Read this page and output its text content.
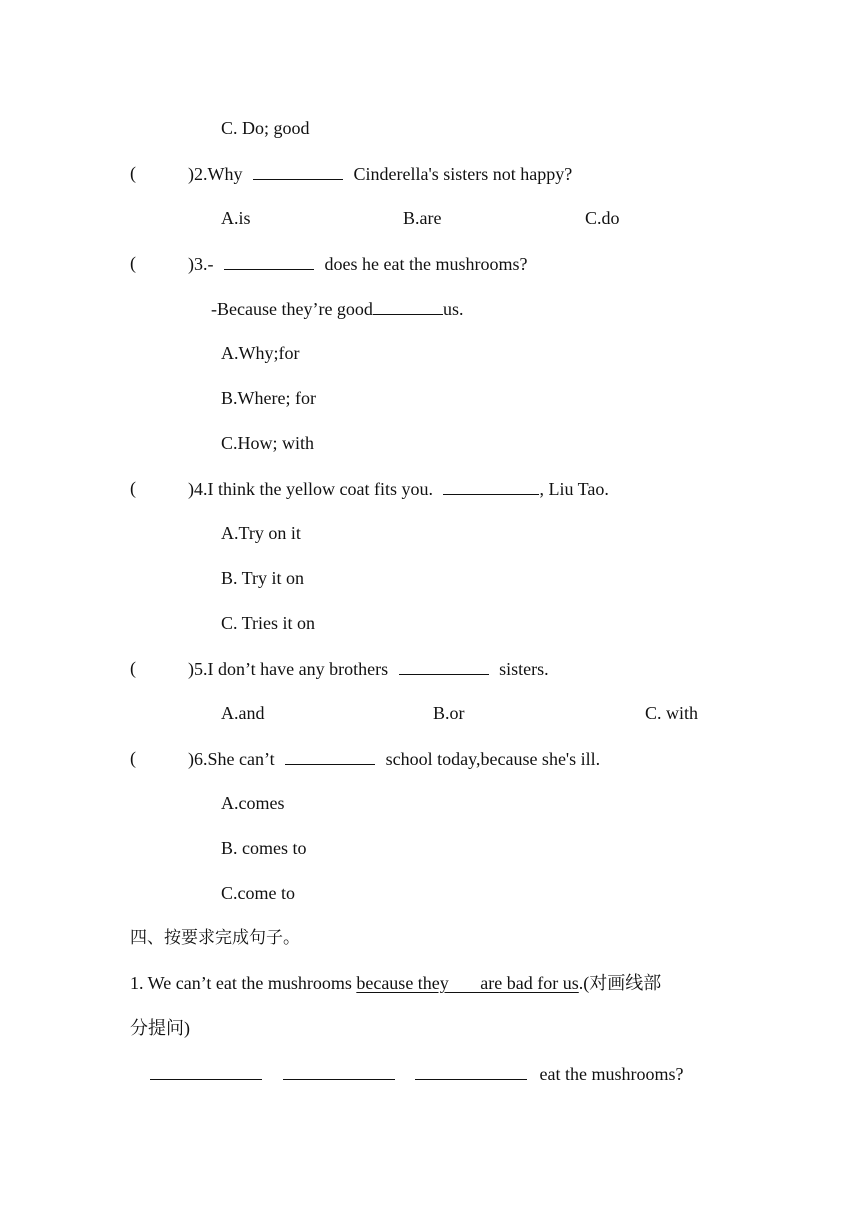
C. Do; good
(	)2.Why	Cinderella's sisters not happy?
A.is	B.are	C.do
(	)3.-	does he eat the mushrooms?
-Because they’re good	us.
A.Why;for
B.Where; for
C.How; with
(	)4.I think the yellow coat fits you.	, Liu Tao.
A.Try on it
B. Try it on
C. Tries it on
(	)5.I don’t have any brothers	sisters.
A.and	B.or	C. with
(	)6.She can’t	school today,because she's ill.
A.comes
B. comes to
C.come to
四、按要求完成句子。
1. We can’t eat the mushrooms because they       are bad for us.(对画线部
分提问)
eat the mushrooms?
